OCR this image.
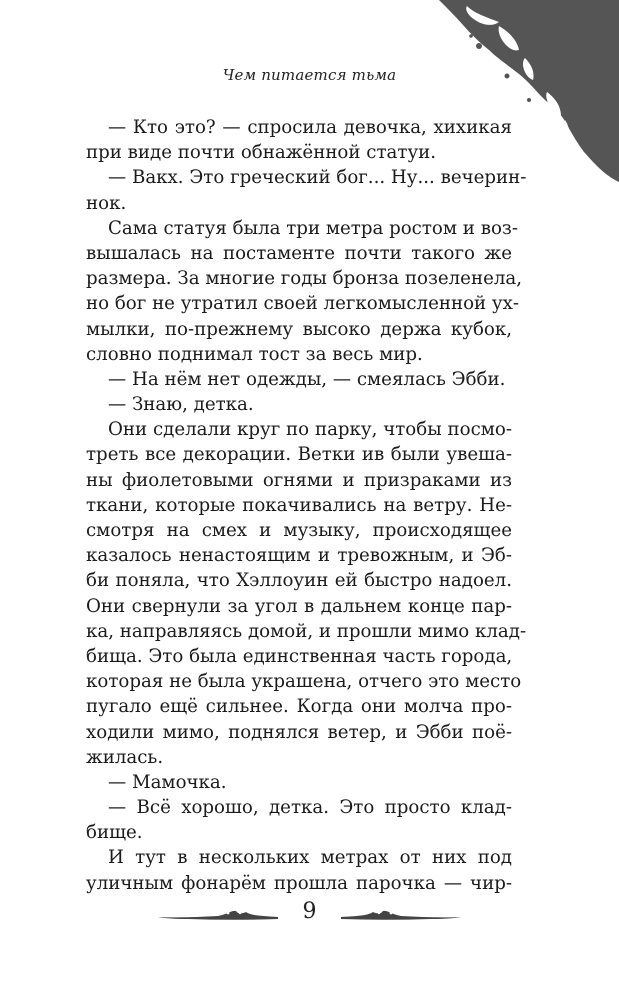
Чем питается тьма
— Кто это? — спросила девочка, хихикая
при виде почти обнажённой статуи.
— Вакх. Это греческий бог... Ну... вечерин-
нок.
Сама статуя была три метра ростом и воз-
вышалась на постаменте почти такого же
размера. За многие годы бронза позеленела,
но бог не утратил своей легкомысленной ух-
мылки, по-прежнему высоко держа кубок,
словно поднимал тост за весь мир.
— На нём нет одежды, — смеялась Эбби.
— Знаю, детка.
Они сделали круг по парку, чтобы посмо-
треть все декорации. Ветки ив были увеша-
ны фиолетовыми огнями и призраками из
ткани, которые покачивались на ветру. Не-
смотря на смех и музыку, происходящее
казалось ненастоящим и тревожным, и Эб-
би поняла, что Хэллоуин ей быстро надоел.
Они свернули за угол в дальнем конце пар-
ка, направляясь домой, и прошли мимо клад-
бища. Это была единственная часть города,
которая не была украшена, отчего это место
пугало ещё сильнее. Когда они молча про-
ходили мимо, поднялся ветер, и Эбби поё-
жилась.
— Мамочка.
— Всё хорошо, детка. Это просто клад-
бище.
И тут в нескольких метрах от них под
уличным фонарём прошла парочка — чир-
9
